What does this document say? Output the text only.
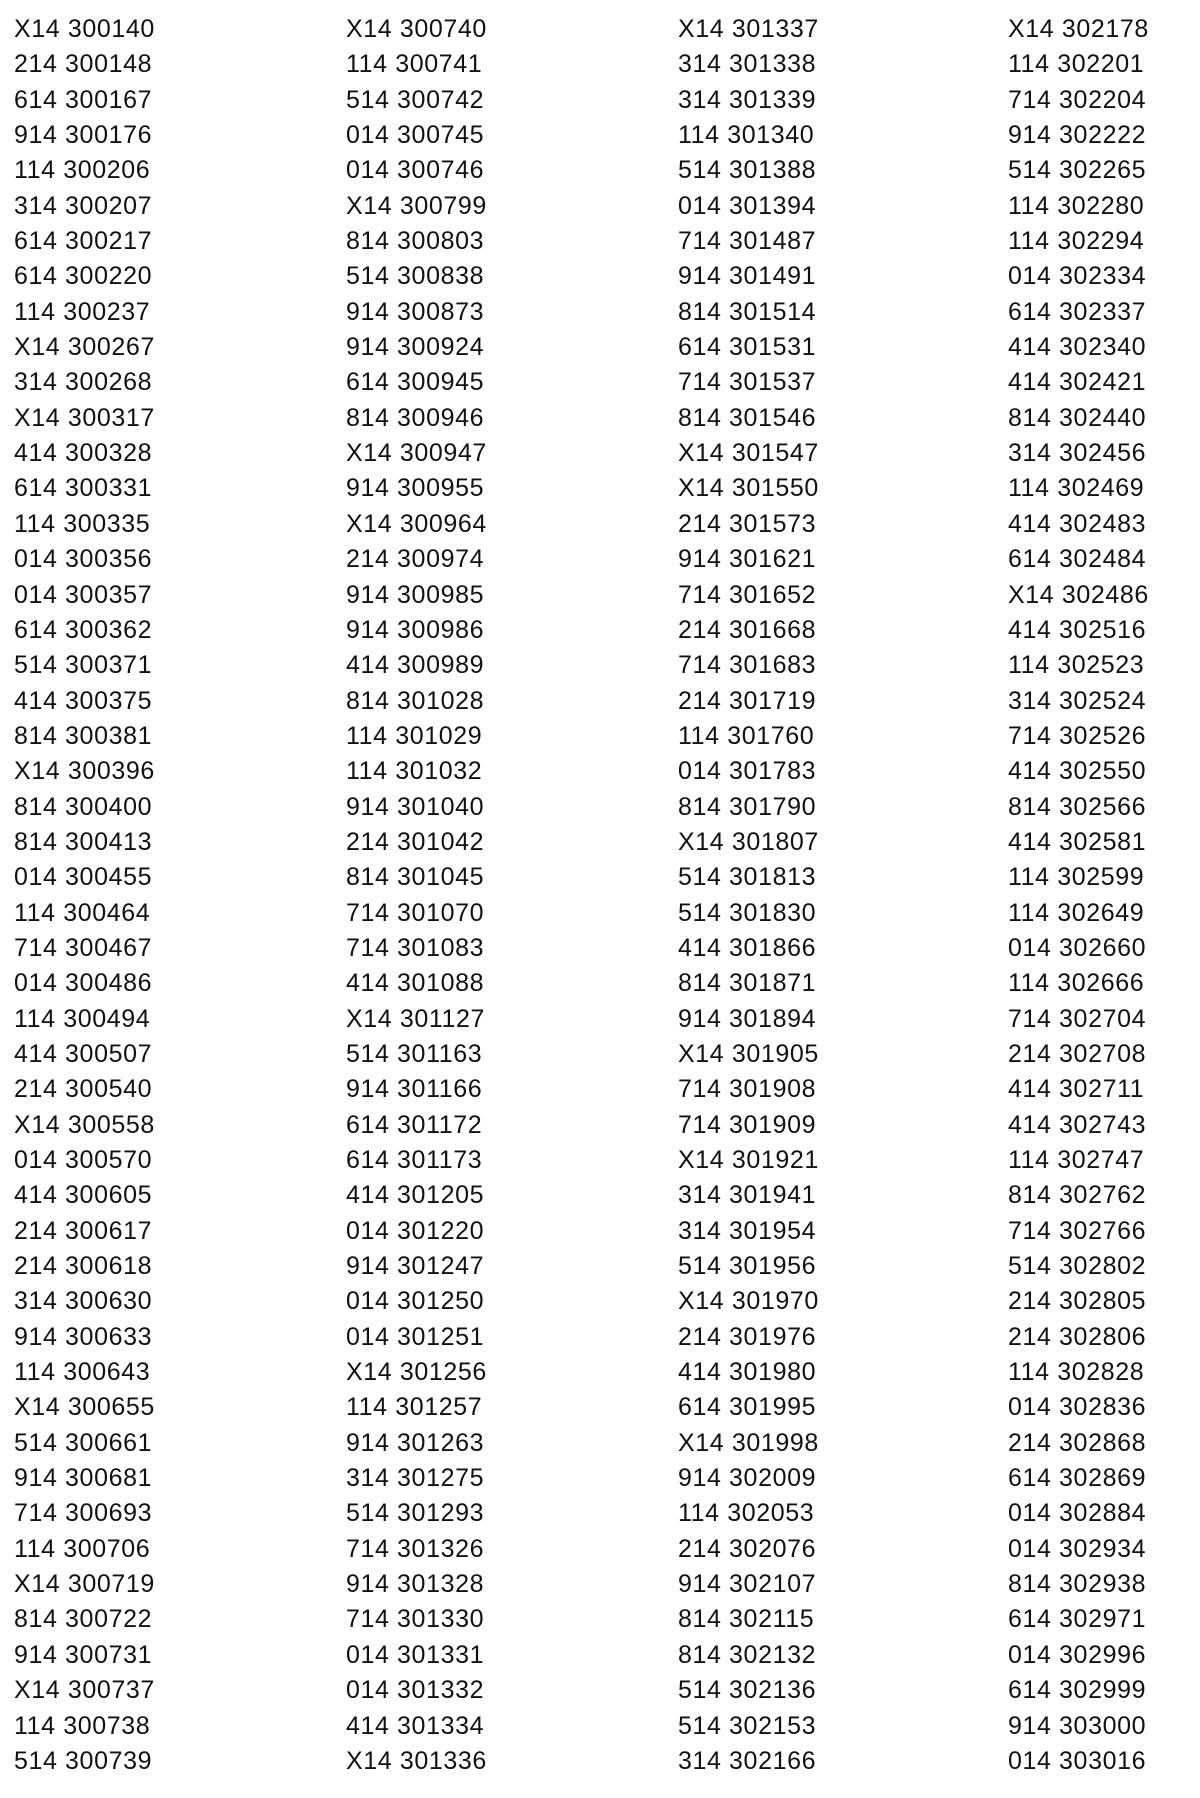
X14 300140
214 300148
614 300167
914 300176
114 300206
314 300207
614 300217
614 300220
114 300237
X14 300267
314 300268
X14 300317
414 300328
614 300331
114 300335
014 300356
014 300357
614 300362
514 300371
414 300375
814 300381
X14 300396
814 300400
814 300413
014 300455
114 300464
714 300467
014 300486
114 300494
414 300507
214 300540
X14 300558
014 300570
414 300605
214 300617
214 300618
314 300630
914 300633
114 300643
X14 300655
514 300661
914 300681
714 300693
114 300706
X14 300719
814 300722
914 300731
X14 300737
114 300738
514 300739
X14 300740
114 300741
514 300742
014 300745
014 300746
X14 300799
814 300803
514 300838
914 300873
914 300924
614 300945
814 300946
X14 300947
914 300955
X14 300964
214 300974
914 300985
914 300986
414 300989
814 301028
114 301029
114 301032
914 301040
214 301042
814 301045
714 301070
714 301083
414 301088
X14 301127
514 301163
914 301166
614 301172
614 301173
414 301205
014 301220
914 301247
014 301250
014 301251
X14 301256
114 301257
914 301263
314 301275
514 301293
714 301326
914 301328
714 301330
014 301331
014 301332
414 301334
X14 301336
X14 301337
314 301338
314 301339
114 301340
514 301388
014 301394
714 301487
914 301491
814 301514
614 301531
714 301537
814 301546
X14 301547
X14 301550
214 301573
914 301621
714 301652
214 301668
714 301683
214 301719
114 301760
014 301783
814 301790
X14 301807
514 301813
514 301830
414 301866
814 301871
914 301894
X14 301905
714 301908
714 301909
X14 301921
314 301941
314 301954
514 301956
X14 301970
214 301976
414 301980
614 301995
X14 301998
914 302009
114 302053
214 302076
914 302107
814 302115
814 302132
514 302136
514 302153
314 302166
X14 302178
114 302201
714 302204
914 302222
514 302265
114 302280
114 302294
014 302334
614 302337
414 302340
414 302421
814 302440
314 302456
114 302469
414 302483
614 302484
X14 302486
414 302516
114 302523
314 302524
714 302526
414 302550
814 302566
414 302581
114 302599
114 302649
014 302660
114 302666
714 302704
214 302708
414 302711
414 302743
114 302747
814 302762
714 302766
514 302802
214 302805
214 302806
114 302828
014 302836
214 302868
614 302869
014 302884
014 302934
814 302938
614 302971
014 302996
614 302999
914 303000
014 303016
